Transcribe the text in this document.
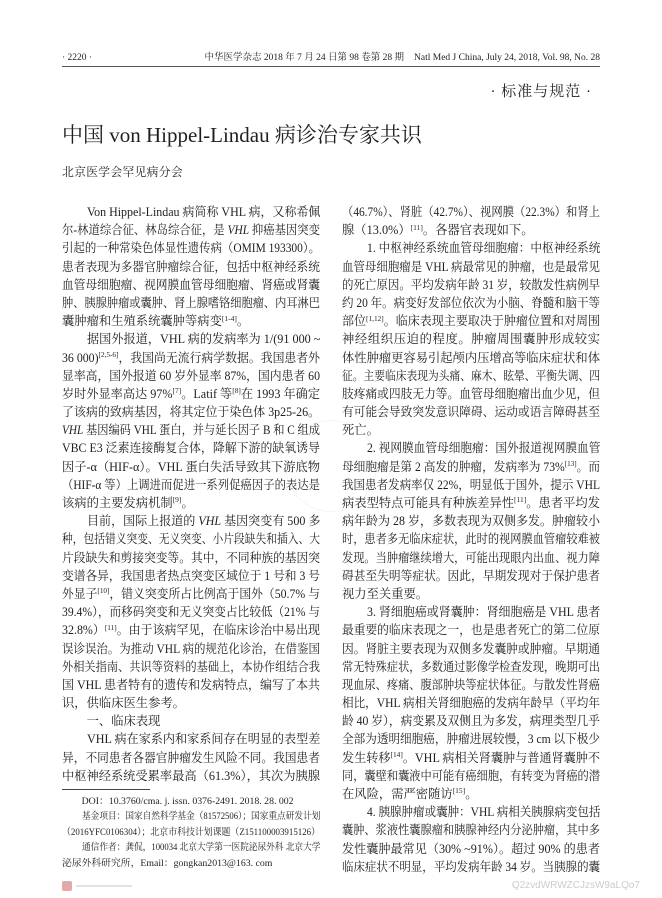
· 2220 ·	中华医学杂志 2018 年 7 月 24 日第 98 卷第 28 期 Natl Med J China, July 24, 2018, Vol. 98, No. 28
· 标准与规范 ·
中国 von Hippel-Lindau 病诊治专家共识
北京医学会罕见病分会
Von Hippel-Lindau 病简称 VHL 病，又称希佩
尔-林道综合征、林岛综合征，是 VHL 抑癌基因突变
引起的一种常染色体显性遗传病（OMIM 193300）。
患者表现为多器官肿瘤综合征，包括中枢神经系统
血管母细胞瘤、视网膜血管母细胞瘤、肾癌或肾囊
肿、胰腺肿瘤或囊肿、肾上腺嗜铬细胞瘤、内耳淋巴
囊肿瘤和生殖系统囊肿等病变[1-4]。
据国外报道，VHL 病的发病率为 1/(91 000 ~
36 000)[2,5-6]，我国尚无流行病学数据。我国患者外
显率高，国外报道 60 岁外显率 87%，国内患者 60
岁时外显率高达 97%[7]。Latif 等[8]在 1993 年确定
了该病的致病基因，将其定位于染色体 3p25-26。
VHL 基因编码 VHL 蛋白，并与延长因子 B 和 C 组成
VBC E3 泛素连接酶复合体，降解下游的缺氧诱导
因子-α（HIF-α）。VHL 蛋白失活导致其下游底物
（HIF-α 等）上调进而促进一系列促癌因子的表达是
该病的主要发病机制[9]。
目前，国际上报道的 VHL 基因突变有 500 多
种，包括错义突变、无义突变、小片段缺失和插入、大
片段缺失和剪接突变等。其中，不同种族的基因突
变谱各异，我国患者热点突变区域位于 1 号和 3 号
外显子[10]，错义突变所占比例高于国外（50.7% 与
39.4%），而移码突变和无义突变占比较低（21% 与
32.8%）[11]。由于该病罕见，在临床诊治中易出现
误诊误治。为推动 VHL 病的规范化诊治，在借鉴国
外相关指南、共识等资料的基础上，本协作组结合我
国 VHL 患者特有的遗传和发病特点，编写了本共
识，供临床医生参考。
一、临床表现
VHL 病在家系内和家系间存在明显的表型差
异，不同患者各器官肿瘤发生风险不同。我国患者
中枢神经系统受累率最高（61.3%），其次为胰腺
（46.7%）、肾脏（42.7%）、视网膜（22.3%）和肾上
腺（13.0%）[11]。各器官表现如下。
1. 中枢神经系统血管母细胞瘤：中枢神经系统
血管母细胞瘤是 VHL 病最常见的肿瘤，也是最常见
的死亡原因。平均发病年龄 31 岁，较散发性病例早
约 20 年。病变好发部位依次为小脑、脊髓和脑干等
部位[1,12]。临床表现主要取决于肿瘤位置和对周围
神经组织压迫的程度。肿瘤周围囊肿形成较实
体性肿瘤更容易引起颅内压增高等临床症状和体
征。主要临床表现为头痛、麻木、眩晕、平衡失调、四
肢疼痛或四肢无力等。血管母细胞瘤出血少见，但
有可能会导致突发意识障碍、运动或语言障碍甚至
死亡。
2. 视网膜血管母细胞瘤：国外报道视网膜血管
母细胞瘤是第 2 高发的肿瘤，发病率为 73%[13]。而
我国患者发病率仅 22%，明显低于国外，提示 VHL
病表型特点可能具有种族差异性[11]。患者平均发
病年龄为 28 岁，多数表现为双侧多发。肿瘤较小
时，患者多无临床症状，此时的视网膜血管瘤较难被
发现。当肿瘤继续增大，可能出现眼内出血、视力障
碍甚至失明等症状。因此，早期发现对于保护患者
视力至关重要。
3. 肾细胞癌或肾囊肿：肾细胞癌是 VHL 患者
最重要的临床表现之一，也是患者死亡的第二位原
因。肾脏主要表现为双侧多发囊肿或肿瘤。早期通
常无特殊症状，多数通过影像学检查发现，晚期可出
现血尿、疼痛、腹部肿块等症状体征。与散发性肾癌
相比，VHL 病相关肾细胞癌的发病年龄早（平均年
龄 40 岁），病变累及双侧且为多发，病理类型几乎
全部为透明细胞癌，肿瘤进展较慢，3 cm 以下极少
发生转移[14]。VHL 病相关肾囊肿与普通肾囊肿不
同，囊壁和囊液中可能有癌细胞，有转变为肾癌的潜
在风险，需严密随访[15]。
4. 胰腺肿瘤或囊肿：VHL 病相关胰腺病变包括
囊肿、浆液性囊腺瘤和胰腺神经内分泌肿瘤，其中多
发性囊肿最常见（30% ~91%）。超过 90% 的患者
临床症状不明显，平均发病年龄 34 岁。当胰腺的囊
DOI：10.3760/cma. j. issn. 0376-2491. 2018. 28. 002
基金项目：国家自然科学基金（81572506）；国家重点研发计划
（2016YFC0106304）；北京市科技计划课题（Z151100003915126）
通信作者：龚侃，100034 北京大学第一医院泌尿外科 北京大学
泌尿外科研究所，Email：gongkan2013@163. com
Q2zvdWRWZCJzsW9aLQo7
